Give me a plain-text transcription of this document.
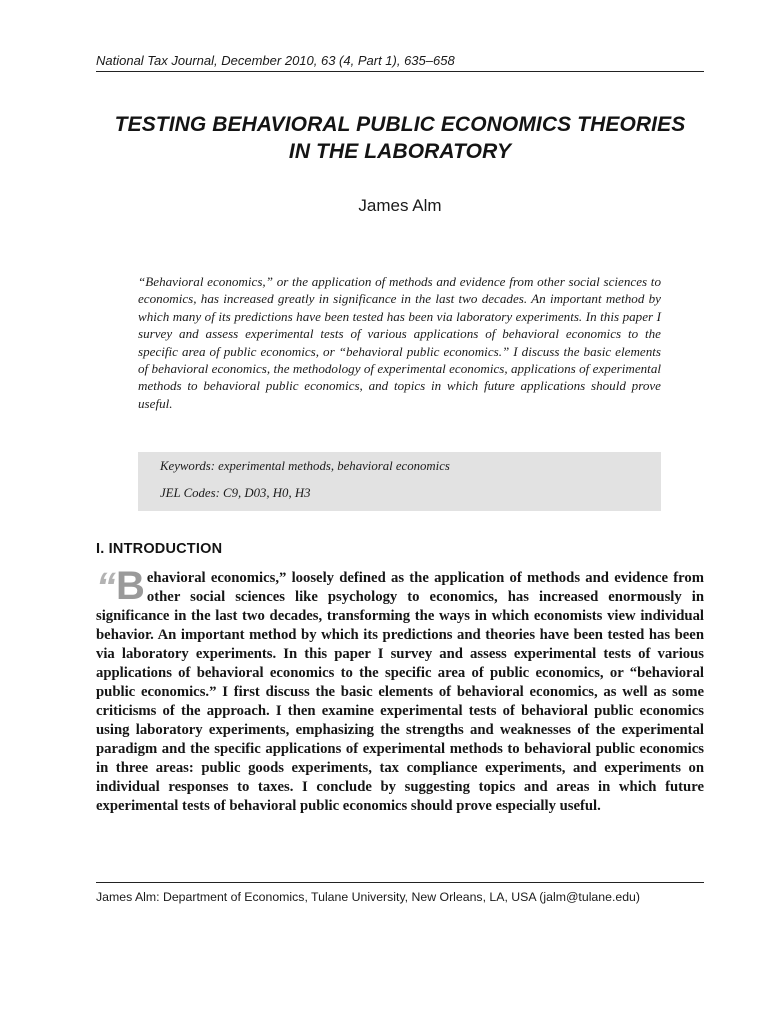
National Tax Journal, December 2010, 63 (4, Part 1), 635–658
TESTING BEHAVIORAL PUBLIC ECONOMICS THEORIES
IN THE LABORATORY
James Alm
“Behavioral economics,” or the application of methods and evidence from other social sciences to economics, has increased greatly in significance in the last two decades. An important method by which many of its predictions have been tested has been via laboratory experiments. In this paper I survey and assess experimental tests of various applications of behavioral economics to the specific area of public economics, or “behavioral public economics.” I discuss the basic elements of behavioral economics, the methodology of experimental economics, applications of experimental methods to behavioral public economics, and topics in which future applications should prove useful.
Keywords: experimental methods, behavioral economics
JEL Codes: C9, D03, H0, H3
I. INTRODUCTION
“ B ehavioral economics,” loosely defined as the application of methods and evidence from other social sciences like psychology to economics, has increased enormously in significance in the last two decades, transforming the ways in which economists view individual behavior. An important method by which its predictions and theories have been tested has been via laboratory experiments. In this paper I survey and assess experimental tests of various applications of behavioral economics to the specific area of public economics, or “behavioral public economics.” I first discuss the basic elements of behavioral economics, as well as some criticisms of the approach. I then examine experimental tests of behavioral public economics using laboratory experiments, emphasizing the strengths and weaknesses of the experimental paradigm and the specific applications of experimental methods to behavioral public economics in three areas: public goods experiments, tax compliance experiments, and experiments on individual responses to taxes. I conclude by suggesting topics and areas in which future experimental tests of behavioral public economics should prove especially useful.
James Alm: Department of Economics, Tulane University, New Orleans, LA, USA (jalm@tulane.edu)
